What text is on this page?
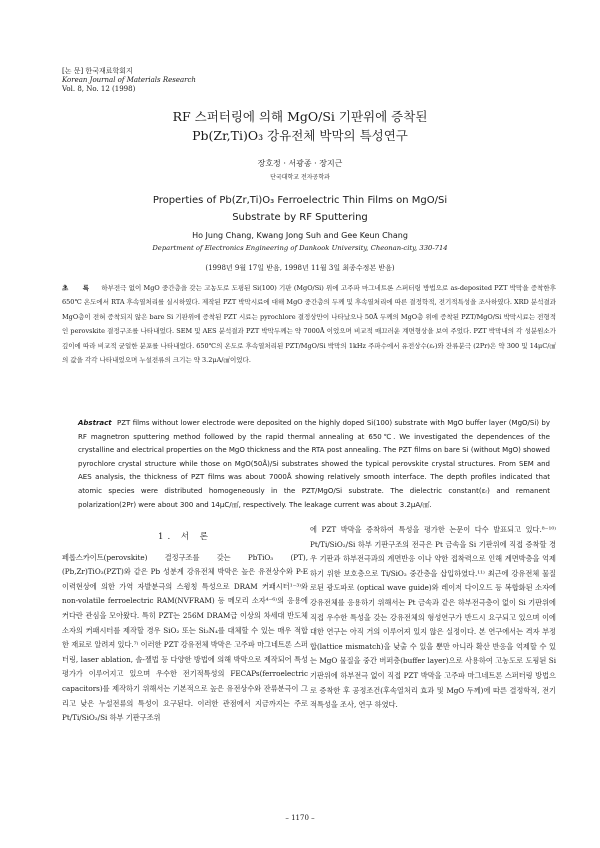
[논 문] 한국재료학회지
Korean Journal of Materials Research
Vol. 8, No. 12 (1998)
RF 스퍼터링에 의해 MgO/Si 기판위에 증착된
Pb(Zr,Ti)O₃ 강유전체 박막의 특성연구
장호정 · 서광종 · 장지근
단국대학교 전자공학과
Properties of Pb(Zr,Ti)O₃ Ferroelectric Thin Films on MgO/Si
Substrate by RF Sputtering
Ho Jung Chang, Kwang Jong Suh and Gee Keun Chang
Department of Electronics Engineering of Dankook University, Cheonan-city, 330-714
(1998년 9월 17일 받음, 1998년 11월 3일 최종수정본 받음)
초 록 하부전극 없이 MgO 중간층을 갖는 고농도로 도핑된 Si(100) 기판 (MgO/Si) 위에 고주파 마그네트론 스퍼터링 방법으로 as-deposited PZT 박막을 증착한후 650℃ 온도에서 RTA 후속열처리를 실시하였다. 제작된 PZT 박막시료에 대해 MgO 중간층의 두께 및 후속열처리에 따른 결정학적, 전기적특성을 조사하였다. XRD 분석결과 MgO층이 전혀 증착되지 않은 bare Si 기판위에 증착된 PZT 시료는 pyrochlore 결정상만이 나타났으나 50Å 두께의 MgO층 위에 증착된 PZT/MgO/Si 박막시료는 전형적인 perovskite 결정구조를 나타내었다. SEM 및 AES 분석결과 PZT 박막두께는 약 7000Å 이었으며 비교적 매끄러운 계면형상을 보여 주었다. PZT 박막내의 각 성분원소가 깊이에 따라 비교적 균일한 분포를 나타내었다. 650℃의 온도로 후속열처리된 PZT/MgO/Si 박막의 1kHz 주파수에서 유전상수(εᵣ)와 잔류분극 (2Pr)은 약 300 및 14μC/㎠의 값을 각각 나타내었으며 누설전류의 크기는 약 3.2μA/㎠이었다.
Abstract PZT films without lower electrode were deposited on the highly doped Si(100) substrate with MgO buffer layer (MgO/Si) by RF magnetron sputtering method followed by the rapid thermal annealing at 650℃. We investigated the dependences of the crystalline and electrical properties on the MgO thickness and the RTA post annealing. The PZT films on bare Si (without MgO) showed pyrochlore crystal structure while those on MgO(50Å)/Si substrates showed the typical perovskite crystal structures. From SEM and AES analysis, the thickness of PZT films was about 7000Å showing relatively smooth interface. The depth profiles indicated that atomic species were distributed homogeneously in the PZT/MgO/Si substrate. The dielectric constant(εᵣ) and remanent polarization(2Pr) were about 300 and 14μC/㎠, respectively. The leakage current was about 3.2μA/㎠.
1. 서 론

페롭스카이트(perovskite) 결정구조를 갖는 PbTiO₃ (PT), (Pb,Zr)TiO₃(PZT)와 같은 Pb 성분계 강유전체 박막은 높은 유전상수와 P-E 이력현상에 의한 가역 자발분극의 스윙칭 특성으로 DRAM 커패시터¹⁻³⁾와 non-volatile ferroelectric RAM(NVFRAM) 등 메모리 소자⁴⁻⁶⁾의 응용에 커다란 관심을 모아왔다. 특히 PZT는 256M DRAM급 이상의 차세대 반도체소자의 커패시터를 제작할 경우 SiO₂ 또는 Si₃N₄를 대체할 수 있는 매우 적합한 재료로 알려져 있다.⁷⁾ 이러한 PZT 강유전체 박막은 고주파 마그네트론 스퍼터링, laser ablation, 솔-젤법 등 다양한 방법에 의해 박막으로 제작되어 특성평가가 이루어지고 있으며 우수한 전기적특성의 FECAPs(ferroelectric capacitors)를 제작하기 위해서는 기본적으로 높은 유전상수와 잔류분극이 그리고 낮은 누설전류의 특성이 요구된다. 이러한 관점에서 지금까지는 주로 Pt/Ti/SiO₂/Si 하부 기판구조위

에 PZT 박막을 증착하여 특성을 평가한 논문이 다수 발표되고 있다.⁸⁻¹⁰⁾ Pt/Ti/SiO₂/Si 하부 기판구조의 전극은 Pt 금속을 Si 기판위에 직접 증착할 경우 기판과 하부전극과의 계면반응 이나 약한 접착력으로 인해 계면박층을 억제하기 위한 보호층으로 Ti/SiO₂ 중간층을 삽입하였다.¹¹⁾ 최근에 강유전체 물질로된 광도파로 (optical wave guide)와 레이저 다이오드 등 복합화된 소자에 강유전체를 응용하기 위해서는 Pt 금속과 같은 하부전극층이 없이 Si 기판위에 직접 우수한 특성을 갖는 강유전체의 형성연구가 반드시 요구되고 있으며 이에 대한 연구는 아직 거의 이루어져 있지 않은 실정이다. 본 연구에서는 격자 부정합(lattice mismatch)을 낮출 수 있을 뿐만 아니라 확산 반응을 억제할 수 있는 MgO 물질을 중간 버퍼층(buffer layer)으로 사용하여 고농도로 도핑된 Si 기판위에 하부전극 없이 직접 PZT 박막을 고주파 마그네트론 스퍼터링 방법으로 증착한 후 공정조건(후속열처리 효과 및 MgO 두께)에 따른 결정학적, 전기적특성을 조사, 연구 하였다.

– 1170 –
